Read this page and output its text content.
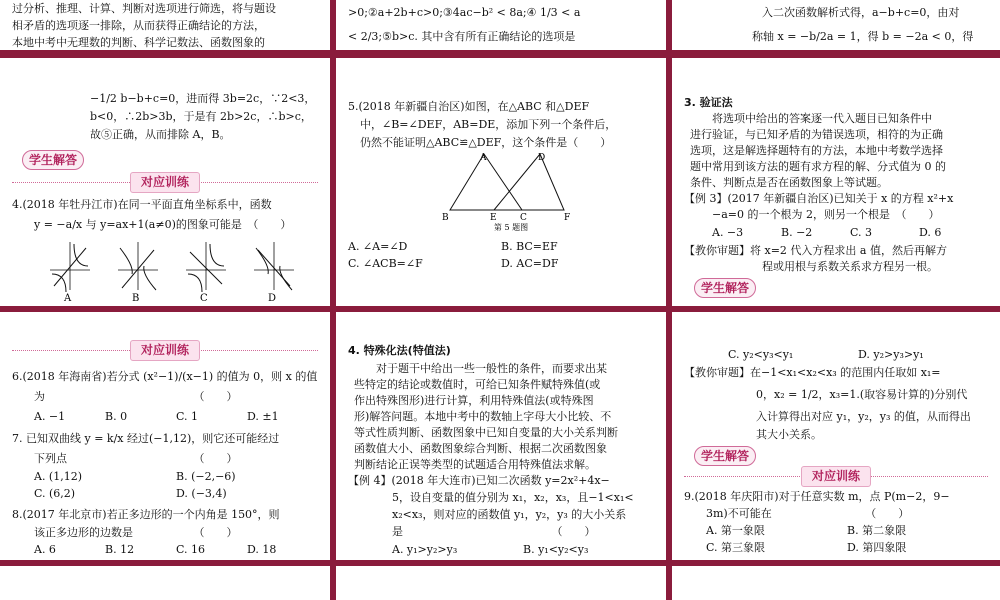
过分析、推理、计算、判断对选项进行筛选，将与题设

相矛盾的选项逐一排除，从而获得正确结论的方法，

本地中考中无理数的判断、科学记数法、函数图象的

>0;②a+2b+c>0;③4ac−b² < 8a;④ 1/3 < a

< 2/3;⑤b>c. 其中含有所有正确结论的选项是

入二次函数解析式得，a−b+c=0，由对

称轴 x = −b/2a = 1，得 b = −2a < 0，得

−1/2 b−b+c=0，进而得 3b=2c，∵2<3，

b<0，∴2b>3b，于是有 2b>2c，∴b>c，

故⑤正确，从而排除 A，B。

学生解答
对应训练

4.(2018 年牡丹江市)在同一平面直角坐标系中，函数

y = −a/x 与 y=ax+1(a≠0)的图象可能是　（　　）

A	B	C	D

5.(2018 年新疆自治区)如图，在△ABC 和△DEF

中，∠B=∠DEF，AB=DE，添加下列一个条件后，

仍然不能证明△ABC≌△DEF，这个条件是（　　）

A	D
B	E	C	F
第 5 题图
A. ∠A=∠D	B. BC=EF
C. ∠ACB=∠F	D. AC=DF

3. 验证法

将选项中给出的答案逐一代入题目已知条件中

进行验证，与已知矛盾的为错误选项，相符的为正确

选项，这是解选择题特有的方法，本地中考数学选择

题中常用到该方法的题有求方程的解、分式值为 0 的

条件、判断点是否在函数图象上等试题。

【例 3】(2017 年新疆自治区)已知关于 x 的方程 x²+x

−a=0 的一个根为 2，则另一个根是　（　　）

A. −3	B. −2	C. 3	D. 6

【教你审题】将 x=2 代入方程求出 a 值，然后再解方

程或用根与系数关系求方程另一根。

学生解答
对应训练

6.(2018 年海南省)若分式 (x²−1)/(x−1) 的值为 0，则 x 的值

为　　　　　　　　　　　　　　（　　）

A. −1	B. 0	C. 1	D. ±1

7. 已知双曲线 y = k/x 经过(−1,12)，则它还可能经过

下列点　　　　　　　　　　　　（　　）

A. (1,12)	B. (−2,−6)
C. (6,2)	D. (−3,4)

8.(2017 年北京市)若正多边形的一个内角是 150°，则

该正多边形的边数是　　　　　　（　　）

A. 6	B. 12	C. 16	D. 18

4. 特殊化法(特值法)

对于题干中给出一些一般性的条件，而要求出某

些特定的结论或数值时，可给已知条件赋特殊值(或

作出特殊图形)进行计算，利用特殊值法(或特殊图

形)解答问题。本地中考中的数轴上字母大小比较、不

等式性质判断、函数图象中已知自变量的大小关系判断

函数值大小、函数图象综合判断、根据二次函数图象

判断结论正误等类型的试题适合用特殊值法求解。

【例 4】(2018 年大连市)已知二次函数 y=2x²+4x−

5，设自变量的值分别为 x₁，x₂，x₃，且−1<x₁<

x₂<x₃，则对应的函数值 y₁，y₂，y₃ 的大小关系

是　　　　　　　　　　　　　　（　　）

A. y₁>y₂>y₃	B. y₁<y₂<y₃
C. y₂<y₃<y₁	D. y₂>y₃>y₁

【教你审题】在−1<x₁<x₂<x₃ 的范围内任取如 x₁=

0，x₂ = 1/2，x₃=1.(取容易计算的)分别代

入计算得出对应 y₁，y₂，y₃ 的值，从而得出

其大小关系。

学生解答
对应训练

9.(2018 年庆阳市)对于任意实数 m，点 P(m−2，9−

3m)不可能在　　　　　　　　　（　　）

A. 第一象限	B. 第二象限
C. 第三象限	D. 第四象限
